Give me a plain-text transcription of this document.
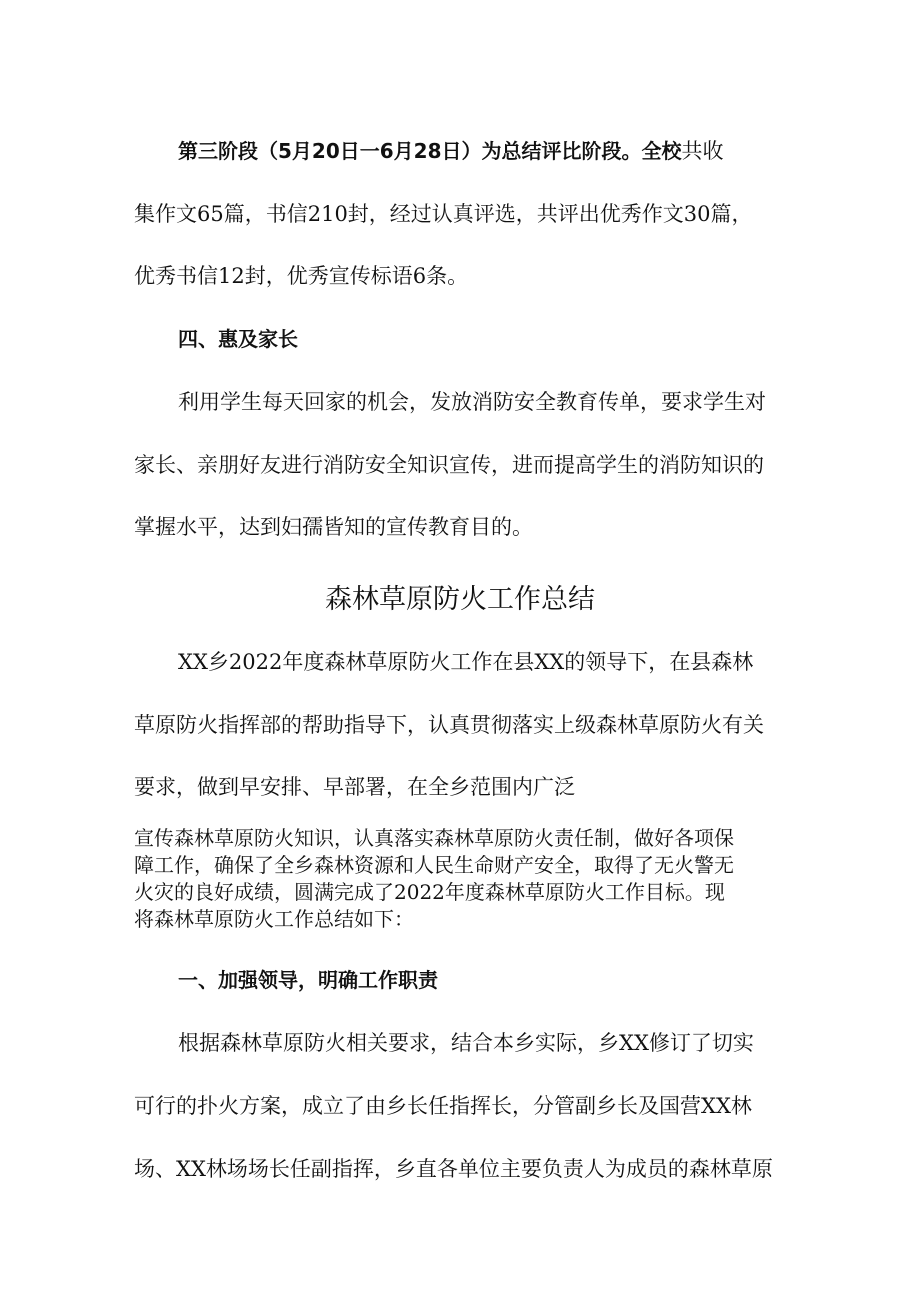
第三阶段（5月20日一6月28日）为总结评比阶段。全校共收
集作文65篇，书信210封，经过认真评选，共评出优秀作文30篇，
优秀书信12封，优秀宣传标语6条。
四、惠及家长
利用学生每天回家的机会，发放消防安全教育传单，要求学生对
家长、亲朋好友进行消防安全知识宣传，进而提高学生的消防知识的
掌握水平，达到妇孺皆知的宣传教育目的。
森林草原防火工作总结
XX乡2022年度森林草原防火工作在县XX的领导下，在县森林
草原防火指挥部的帮助指导下，认真贯彻落实上级森林草原防火有关
要求，做到早安排、早部署，在全乡范围内广泛
宣传森林草原防火知识，认真落实森林草原防火责任制，做好各项保
障工作，确保了全乡森林资源和人民生命财产安全，取得了无火警无
火灾的良好成绩，圆满完成了2022年度森林草原防火工作目标。现
将森林草原防火工作总结如下：
一、加强领导，明确工作职责
根据森林草原防火相关要求，结合本乡实际，乡XX修订了切实
可行的扑火方案，成立了由乡长任指挥长，分管副乡长及国营XX林
场、XX林场场长任副指挥，乡直各单位主要负责人为成员的森林草原
